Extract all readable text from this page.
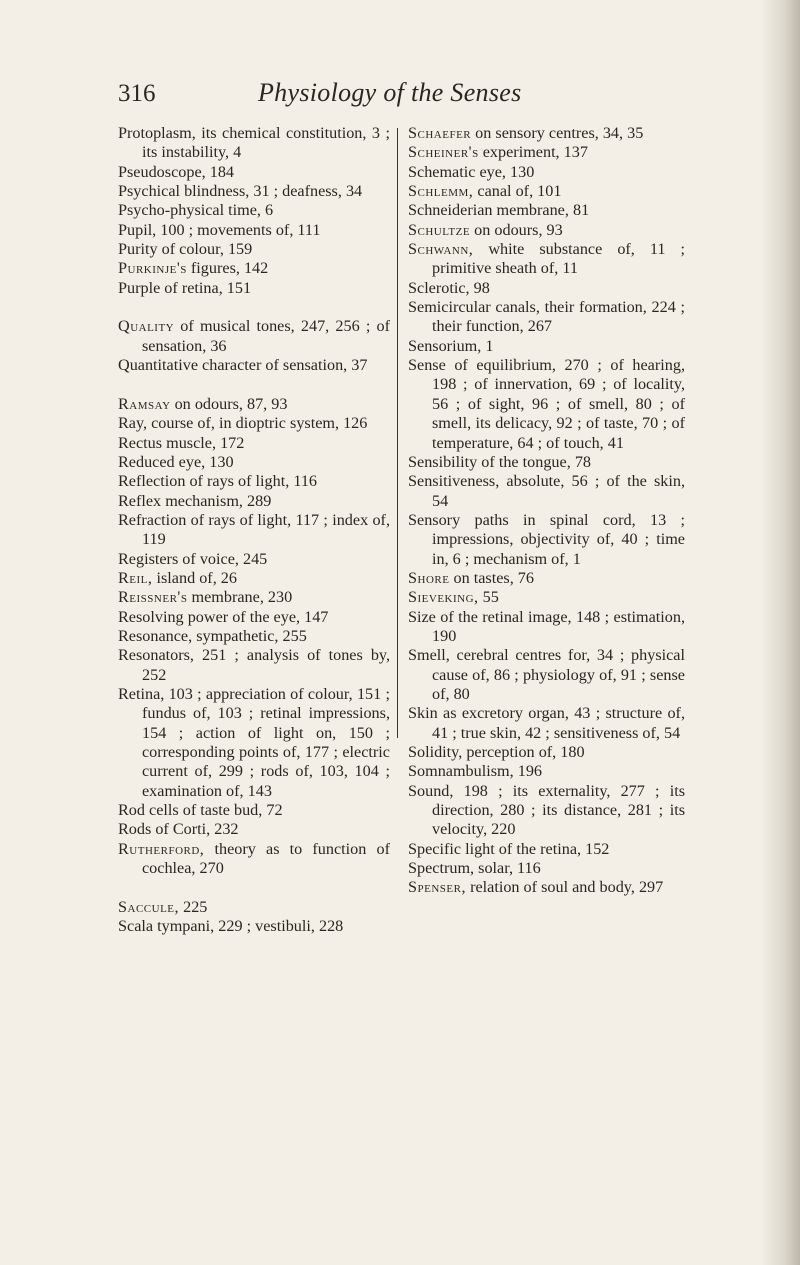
316	Physiology of the Senses
Protoplasm, its chemical constitution, 3 ; its instability, 4
Pseudoscope, 184
Psychical blindness, 31 ; deafness, 34
Psycho-physical time, 6
Pupil, 100 ; movements of, 111
Purity of colour, 159
Purkinje's figures, 142
Purple of retina, 151
Quality of musical tones, 247, 256 ; of sensation, 36
Quantitative character of sensation, 37
Ramsay on odours, 87, 93
Ray, course of, in dioptric system, 126
Rectus muscle, 172
Reduced eye, 130
Reflection of rays of light, 116
Reflex mechanism, 289
Refraction of rays of light, 117 ; index of, 119
Registers of voice, 245
Reil, island of, 26
Reissner's membrane, 230
Resolving power of the eye, 147
Resonance, sympathetic, 255
Resonators, 251 ; analysis of tones by, 252
Retina, 103 ; appreciation of colour, 151 ; fundus of, 103 ; retinal impressions, 154 ; action of light on, 150 ; corresponding points of, 177 ; electric current of, 299 ; rods of, 103, 104 ; examination of, 143
Rod cells of taste bud, 72
Rods of Corti, 232
Rutherford, theory as to function of cochlea, 270
Saccule, 225
Scala tympani, 229 ; vestibuli, 228
Schaefer on sensory centres, 34, 35
Scheiner's experiment, 137
Schematic eye, 130
Schlemm, canal of, 101
Schneiderian membrane, 81
Schultze on odours, 93
Schwann, white substance of, 11 ; primitive sheath of, 11
Sclerotic, 98
Semicircular canals, their formation, 224 ; their function, 267
Sensorium, 1
Sense of equilibrium, 270 ; of hearing, 198 ; of innervation, 69 ; of locality, 56 ; of sight, 96 ; of smell, 80 ; of smell, its delicacy, 92 ; of taste, 70 ; of temperature, 64 ; of touch, 41
Sensibility of the tongue, 78
Sensitiveness, absolute, 56 ; of the skin, 54
Sensory paths in spinal cord, 13 ; impressions, objectivity of, 40 ; time in, 6 ; mechanism of, 1
Shore on tastes, 76
Sieveking, 55
Size of the retinal image, 148 ; estimation, 190
Smell, cerebral centres for, 34 ; physical cause of, 86 ; physiology of, 91 ; sense of, 80
Skin as excretory organ, 43 ; structure of, 41 ; true skin, 42 ; sensitiveness of, 54
Solidity, perception of, 180
Somnambulism, 196
Sound, 198 ; its externality, 277 ; its direction, 280 ; its distance, 281 ; its velocity, 220
Specific light of the retina, 152
Spectrum, solar, 116
Spenser, relation of soul and body, 297
